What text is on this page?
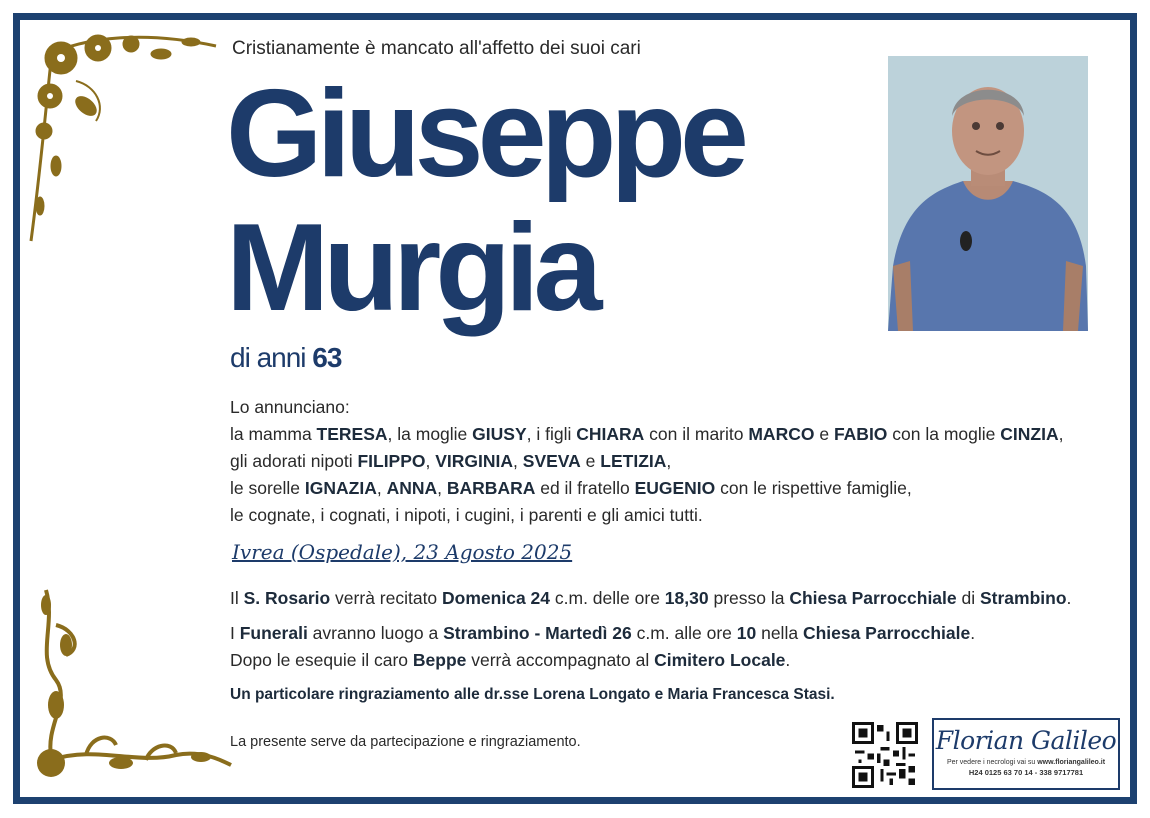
Cristianamente è mancato all'affetto dei suoi cari
Giuseppe
Murgia
di anni 63
Lo annunciano:
la mamma TERESA, la moglie GIUSY, i figli CHIARA con il marito MARCO e FABIO con la moglie CINZIA,
gli adorati nipoti FILIPPO, VIRGINIA, SVEVA e LETIZIA,
le sorelle IGNAZIA, ANNA, BARBARA ed il fratello EUGENIO con le rispettive famiglie,
le cognate, i cognati, i nipoti, i cugini, i parenti e gli amici tutti.
Ivrea (Ospedale), 23 Agosto 2025
Il S. Rosario verrà recitato Domenica 24 c.m. delle ore 18,30 presso la Chiesa Parrocchiale di Strambino.
I Funerali avranno luogo a Strambino - Martedì 26 c.m. alle ore 10 nella Chiesa Parrocchiale.
Dopo le esequie il caro Beppe verrà accompagnato al Cimitero Locale.
Un particolare ringraziamento alle dr.sse Lorena Longato e Maria Francesca Stasi.
La presente serve da partecipazione e ringraziamento.	Florian Galileo
Per vedere i necrologi vai su www.floriangalileo.it
H24 0125 63 70 14 - 338 9717781
